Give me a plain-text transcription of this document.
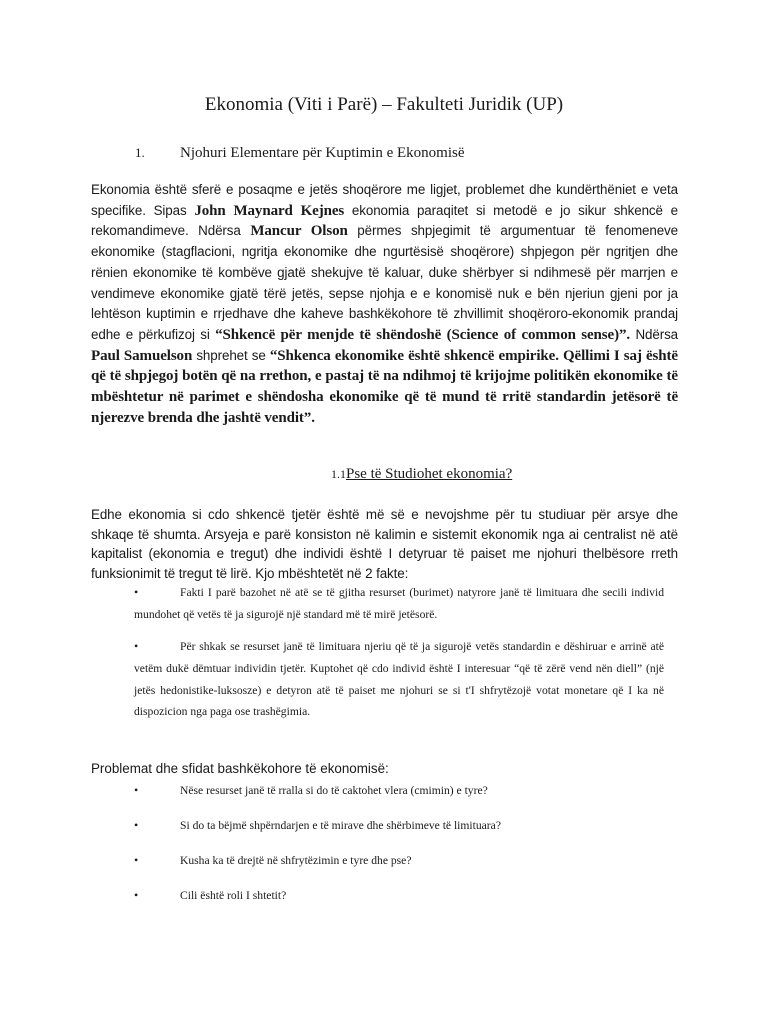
Ekonomia (Viti i Parë) – Fakulteti Juridik (UP)
1. Njohuri Elementare për Kuptimin e Ekonomisë
Ekonomia është sferë e posaqme e jetës shoqërore me ligjet, problemet dhe kundërthëniet e veta specifike. Sipas John Maynard Kejnes ekonomia paraqitet si metodë e jo sikur shkencë e rekomandimeve. Ndërsa Mancur Olson përmes shpjegimit të argumentuar të fenomeneve ekonomike (stagflacioni, ngritja ekonomike dhe ngurtësisë shoqërore) shpjegon për ngritjen dhe rënien ekonomike të kombëve gjatë shekujve të kaluar, duke shërbyer si ndihmesë për marrjen e vendimeve ekonomike gjatë tërë jetës, sepse njohja e e konomisë nuk e bën njeriun gjeni por ja lehtëson kuptimin e rrjedhave dhe kaheve bashkëkohore të zhvillimit shoqëroro-ekonomik prandaj edhe e përkufizoj si “Shkencë për menjde të shëndoshë (Science of common sense)”. Ndërsa Paul Samuelson shprehet se “Shkenca ekonomike është shkencë empirike. Qëllimi I saj është që të shpjegoj botën që na rrethon, e pastaj të na ndihmoj të krijojme politikën ekonomike të mbështetur në parimet e shëndosha ekonomike që të mund të rritë standardin jetësorë të njerezve brenda dhe jashtë vendit”.
1.1Pse të Studiohet ekonomia?
Edhe ekonomia si cdo shkencë tjetër është më së e nevojshme për tu studiuar për arsye dhe shkaqe të shumta. Arsyeja e parë konsiston në kalimin e sistemit ekonomik nga ai centralist në atë kapitalist (ekonomia e tregut) dhe individi është I detyruar të paiset me njohuri thelbësore rreth funksionimit të tregut të lirë. Kjo mbështetët në 2 fakte:
•	Fakti I parë bazohet në atë se të gjitha resurset (burimet) natyrore janë të limituara dhe secili individ mundohet që vetës të ja sigurojë një standard më të mirë jetësorë.
•	Për shkak se resurset janë të limituara njeriu që të ja sigurojë vetës standardin e dëshiruar e arrinë atë vetëm dukë dëmtuar individin tjetër. Kuptohet që cdo individ është I interesuar “që të zërë vend nën diell” (një jetës hedonistike-luksosze) e detyron atë të paiset me njohuri se si t'I shfrytëzojë votat monetare që I ka në dispozicion nga paga ose trashëgimia.
Problemat dhe sfidat bashkëkohore të ekonomisë:
•	Nëse resurset janë të rralla si do të caktohet vlera (cmimin) e tyre?
•	Si do ta bëjmë shpërndarjen e të mirave dhe shërbimeve të limituara?
•	Kusha ka të drejtë në shfrytëzimin e tyre dhe pse?
•	Cili është roli I shtetit?
